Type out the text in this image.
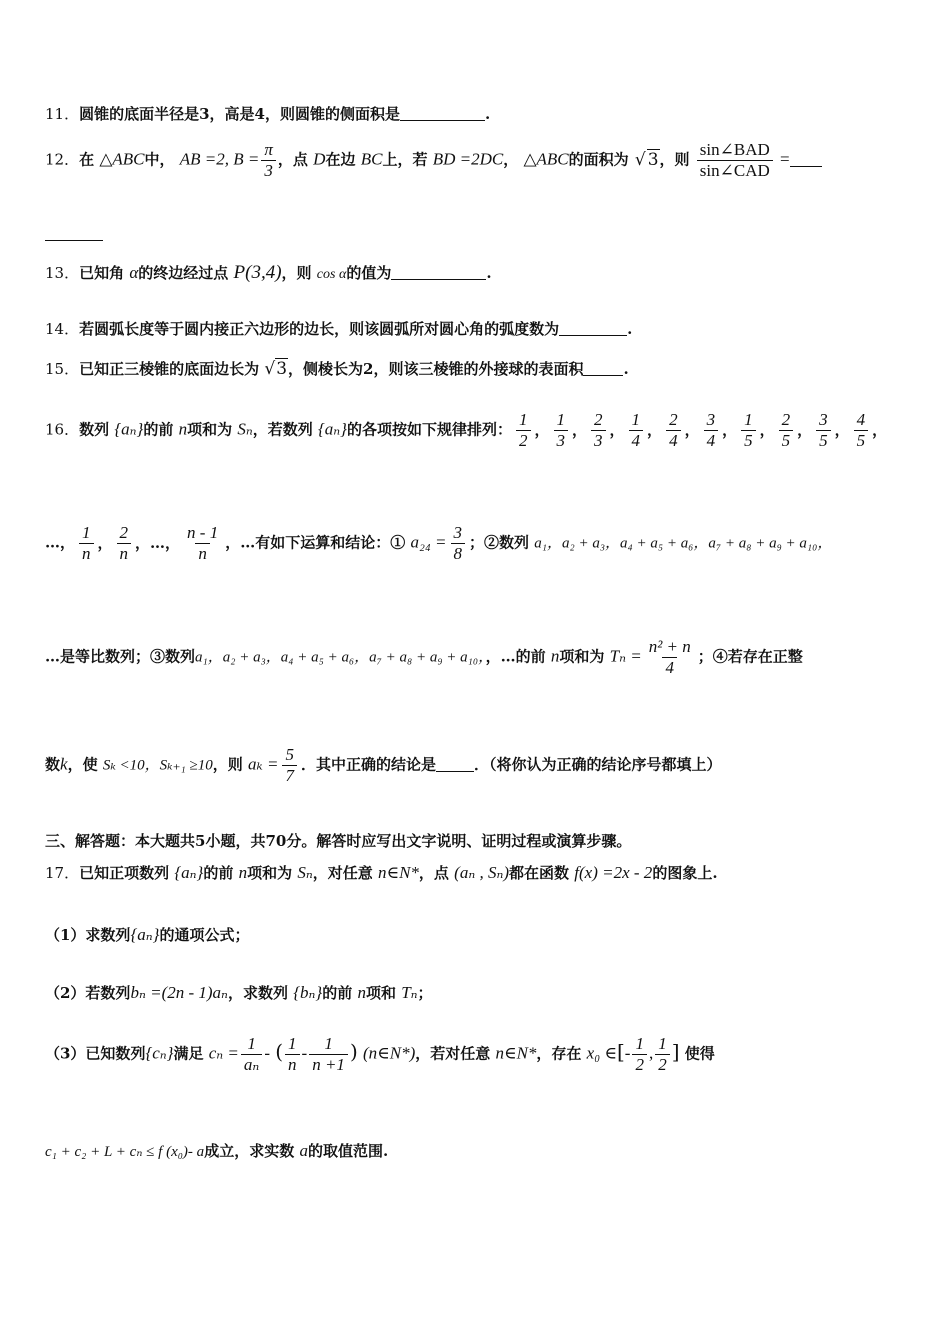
11．圆锥的底面半径是3，高是4，则圆锥的侧面积是	.
12．在 △ABC中， AB =2, $B = \frac{\pi}{3}$ ，点 D在边 BC上，若 BD =2DC， △ABC的面积为 √ 3，则 $\frac{\text{sin∠BAD}}{\text{sin∠CAD}}$ =
13．已知角 α的终边经过点 P(3,4)，则 cos α的值为	.
14．若圆弧长度等于圆内接正六边形的边长，则该圆弧所对圆心角的弧度数为	.
15．已知正三棱锥的底面边长为 √3，侧棱长为2，则该三棱锥的外接球的表面积	.
16．数列 {aₙ}的前 n项和为 Sₙ，若数列 {aₙ}的各项按如下规律排列： $\frac{1}{2}$ ， $\frac{1}{3}$ ， $\frac{2}{3}$ ， $\frac{1}{4}$ ， $\frac{2}{4}$ ， $\frac{3}{4}$ ， $\frac{1}{5}$ ， $\frac{2}{5}$ ， $\frac{3}{5}$ ， $\frac{4}{5}$ ，
…， $\frac{1}{n}$ ， $\frac{2}{n}$ ，…， $\frac{n - 1}{n}$ ，…有如下运算和结论：① $a_{24} = \frac{3}{8}$ ；②数列 a₁，a₂ + a₃，a₄ + a₅ + a₆，a₇ + a₈ + a₉ + a₁₀，
…是等比数列；③数列a₁，a₂ + a₃，a₄ + a₅ + a₆，a₇ + a₈ + a₉ + a₁₀，，…的前 n项和为 $T_n = \frac{\text{n² + n}}{4}$ ；④若存在正整
数k，使 Sₖ <10，Sₖ₊₁ ≥10，则 $a_k = \frac{5}{7}$ ．其中正确的结论是	．（将你认为正确的结论序号都填上）
三、解答题：本大题共5小题，共70分。解答时应写出文字说明、证明过程或演算步骤。
17．已知正项数列 {aₙ}的前 n项和为 Sₙ，对任意 n∈N*，点 (aₙ , Sₙ)都在函数 f(x) =2x - 2的图象上.
（1）求数列{aₙ}的通项公式；
（2）若数列bₙ =(2n - 1)aₙ，求数列 {bₙ}的前 n项和 Tₙ；
（3）已知数列{cₙ}满足 $c_n = \frac{1}{\text{aₙ}}$ - ( $\frac{1}{n} - \frac{1}{n +1}$ ) (n∈N*)，若对任意 n∈N*，存在 x₀ ∈[- $\frac{1}{2}$ , $\frac{1}{2}$ ] 使得
c₁ + c₂ + L + cₙ ≤ f (x₀)- a成立，求实数 a的取值范围.
